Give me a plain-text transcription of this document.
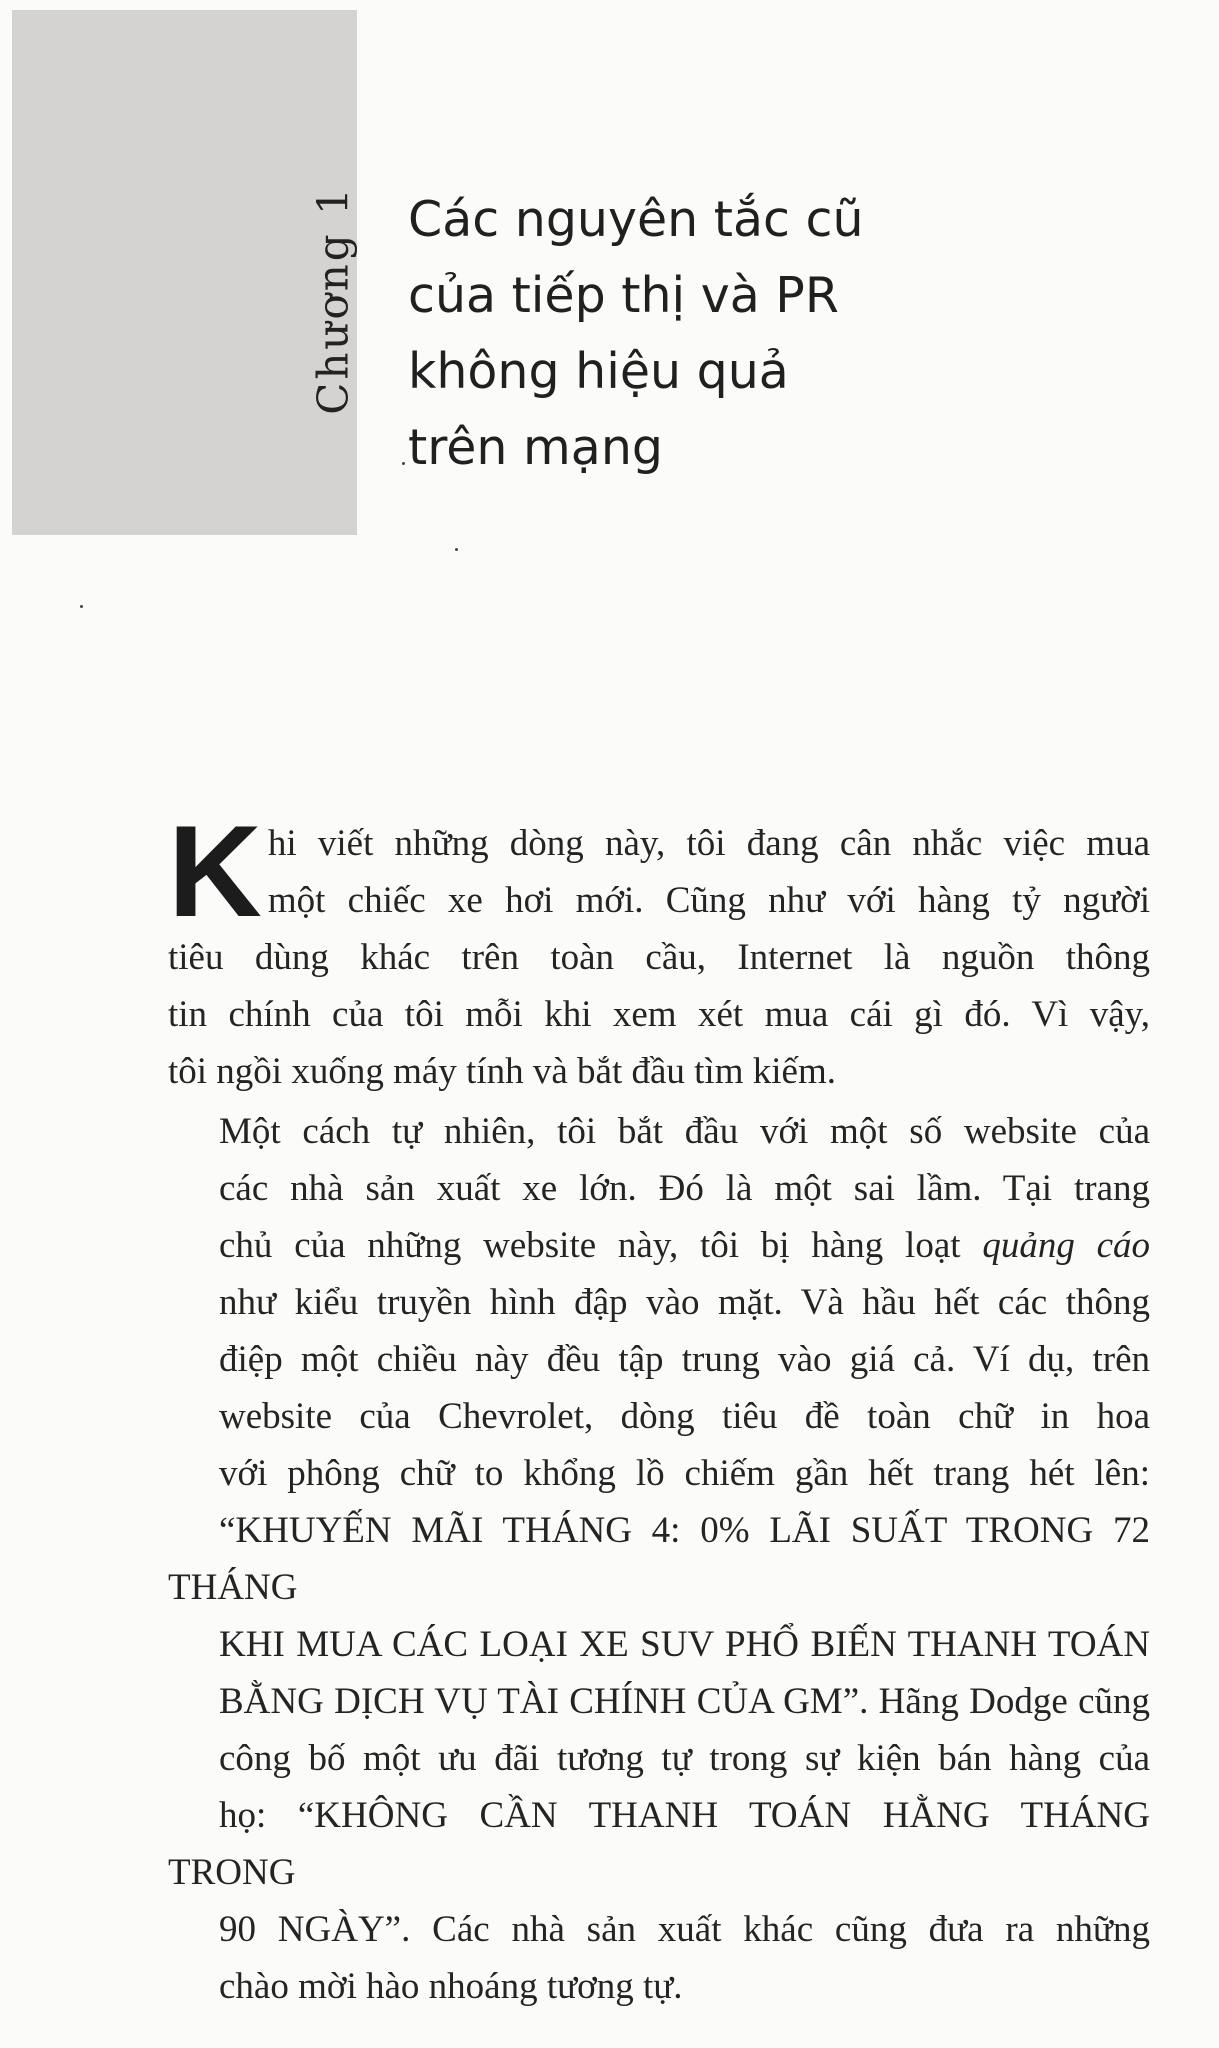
Chương 1 Các nguyên tắc cũ
của tiếp thị và PR
không hiệu quả
trên mạng

K hi viết những dòng này, tôi đang cân nhắc việc mua
một chiếc xe hơi mới. Cũng như với hàng tỷ người
tiêu dùng khác trên toàn cầu, Internet là nguồn thông
tin chính của tôi mỗi khi xem xét mua cái gì đó. Vì vậy,
tôi ngồi xuống máy tính và bắt đầu tìm kiếm.

Một cách tự nhiên, tôi bắt đầu với một số website của
các nhà sản xuất xe lớn. Đó là một sai lầm. Tại trang
chủ của những website này, tôi bị hàng loạt quảng cáo
như kiểu truyền hình đập vào mặt. Và hầu hết các thông
điệp một chiều này đều tập trung vào giá cả. Ví dụ, trên
website của Chevrolet, dòng tiêu đề toàn chữ in hoa
với phông chữ to khổng lồ chiếm gần hết trang hét lên:
“KHUYẾN MÃI THÁNG 4: 0% LÃI SUẤT TRONG 72 THÁNG
KHI MUA CÁC LOẠI XE SUV PHỔ BIẾN THANH TOÁN
BẰNG DỊCH VỤ TÀI CHÍNH CỦA GM”. Hãng Dodge cũng
công bố một ưu đãi tương tự trong sự kiện bán hàng của
họ: “KHÔNG CẦN THANH TOÁN HẰNG THÁNG TRONG
90 NGÀY”. Các nhà sản xuất khác cũng đưa ra những
chào mời hào nhoáng tương tự.
